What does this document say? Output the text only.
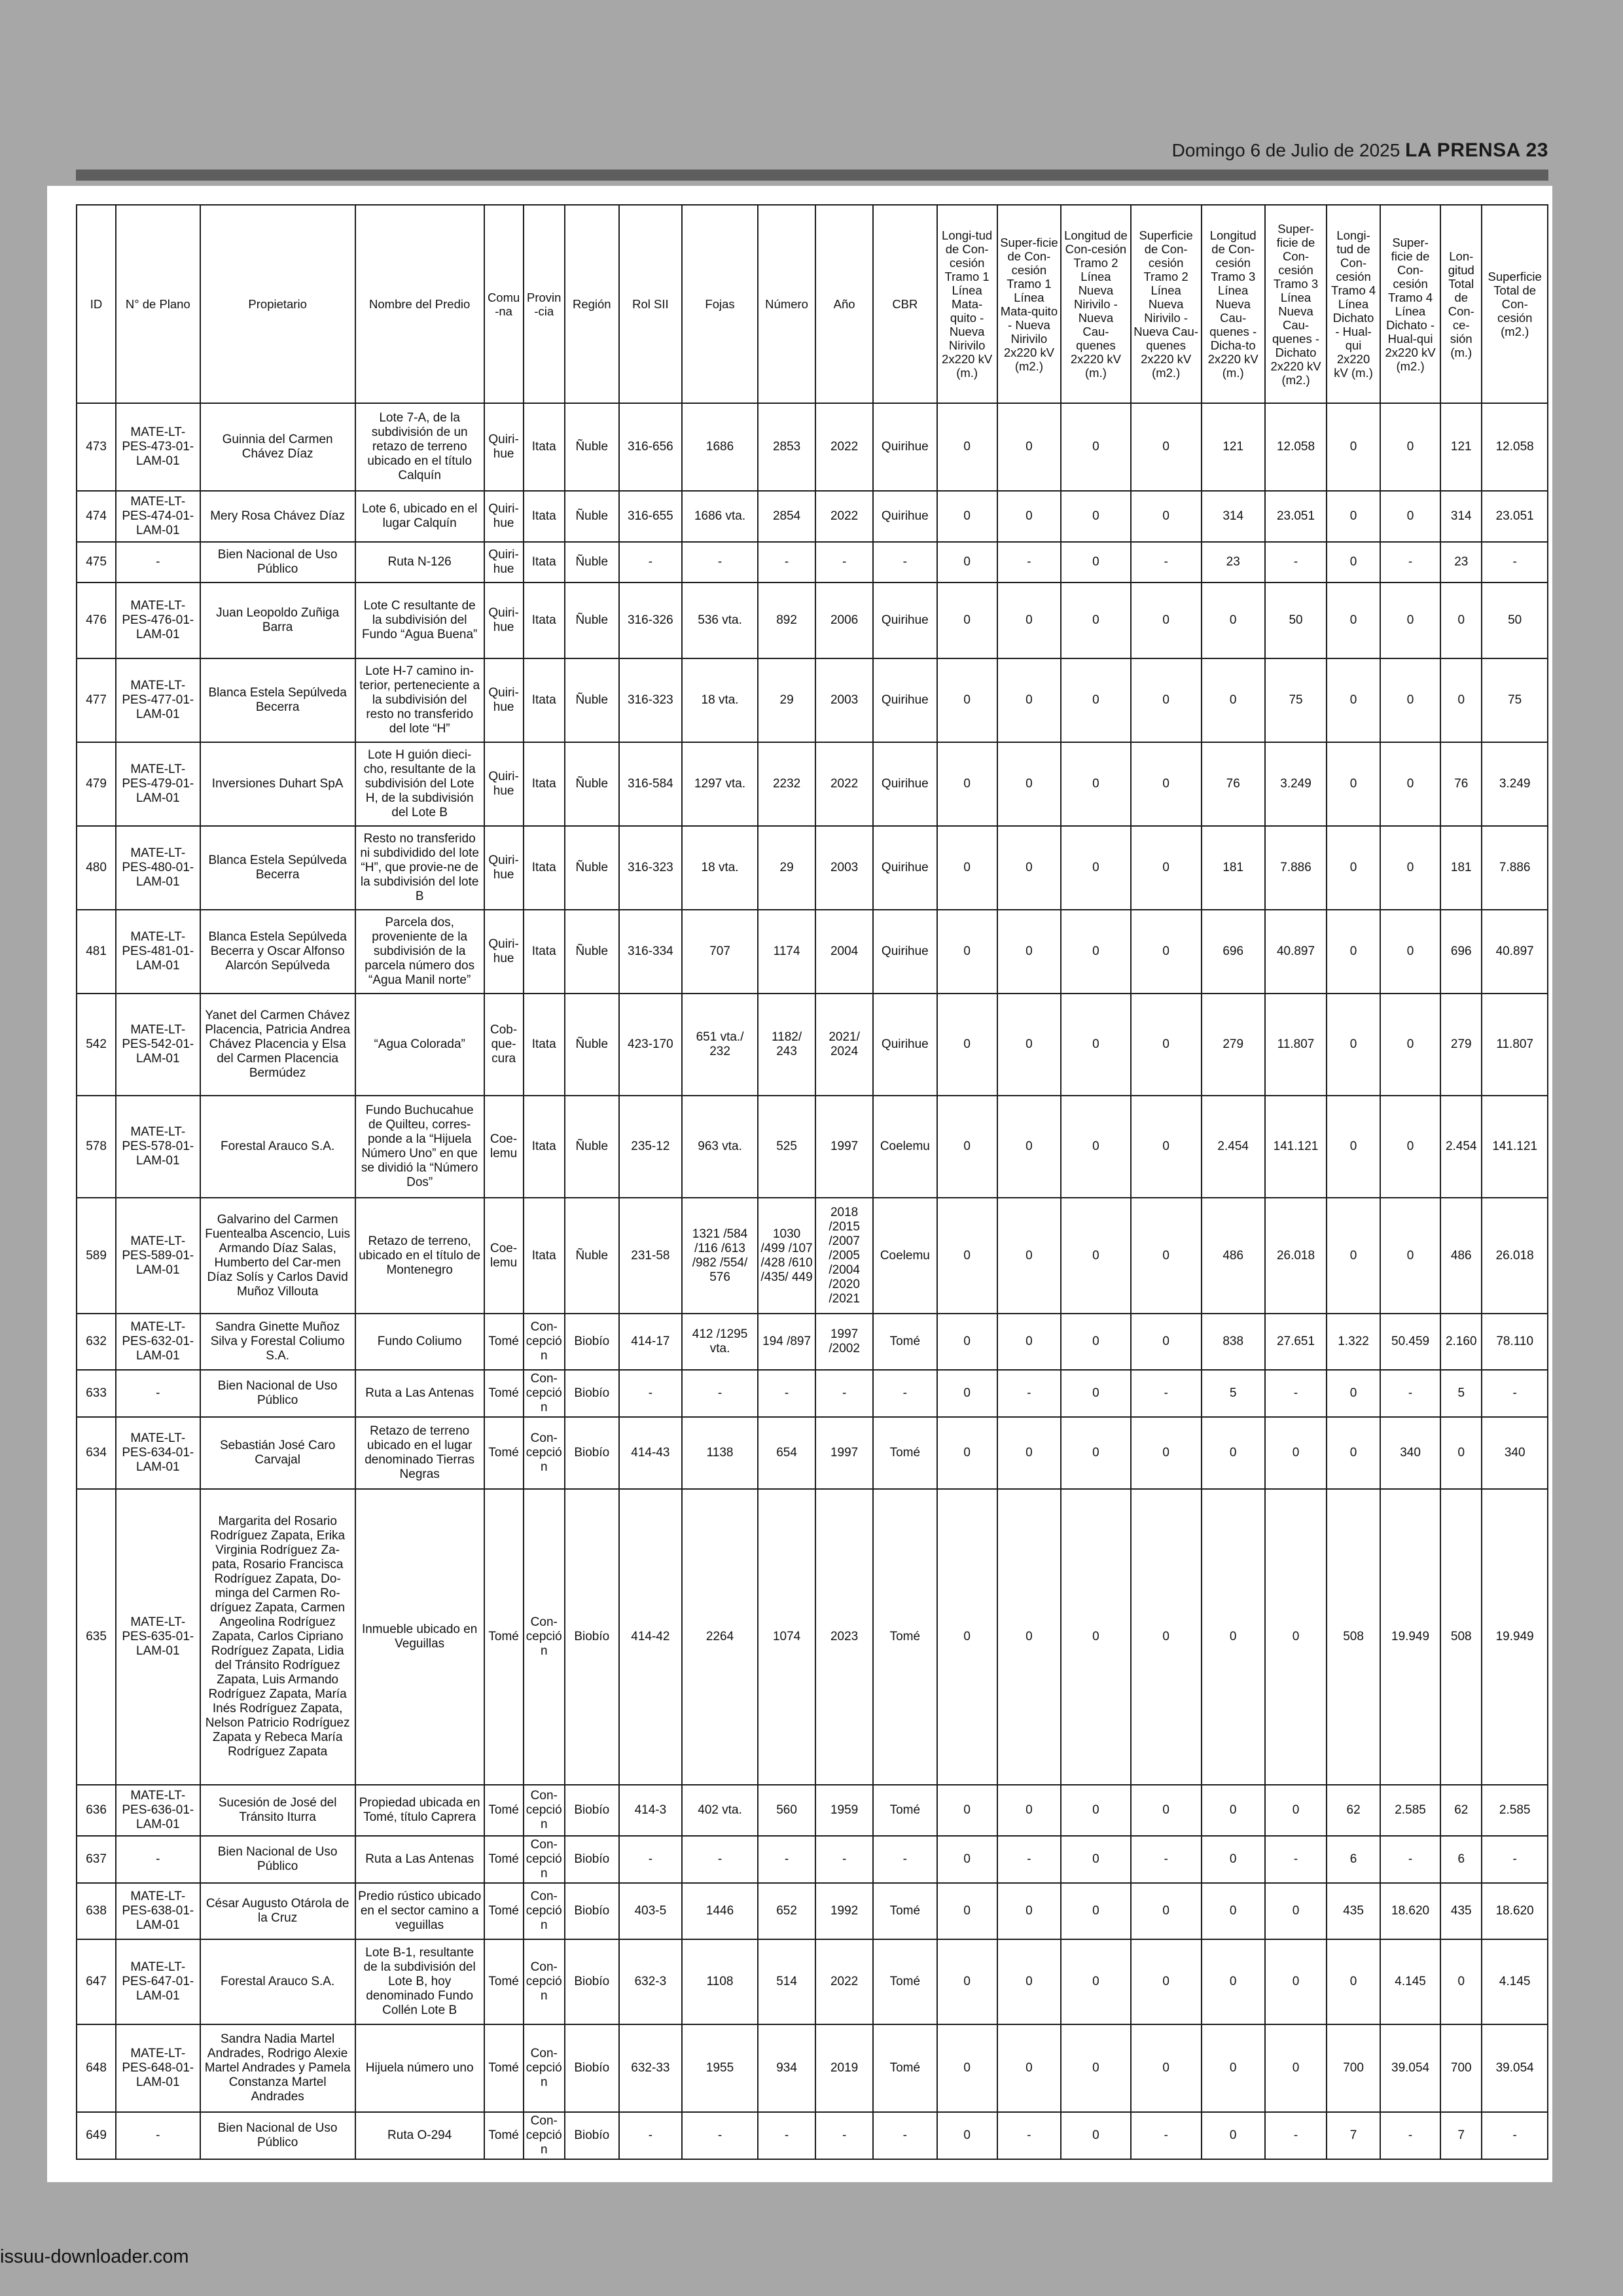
Domingo 6 de Julio de 2025 LA PRENSA 23
ID	N° de Plano	Propietario	Nombre del Predio	Comu-na	Provin-cia	Región	Rol SII	Fojas	Número	Año	CBR	Longi-tud de Con-cesión Tramo 1 Línea Mata-quito - Nueva Nirivilo 2x220 kV (m.)	Super-ficie de Con-cesión Tramo 1 Línea Mata-quito - Nueva Nirivilo 2x220 kV (m2.)	Longitud de Con-cesión Tramo 2 Línea Nueva Nirivilo - Nueva Cau-quenes 2x220 kV (m.)	Superficie de Con-cesión Tramo 2 Línea Nueva Nirivilo - Nueva Cau-quenes 2x220 kV (m2.)	Longitud de Con-cesión Tramo 3 Línea Nueva Cau-quenes - Dicha-to 2x220 kV (m.)	Super-ficie de Con-cesión Tramo 3 Línea Nueva Cau-quenes - Dichato 2x220 kV (m2.)	Longi-tud de Con-cesión Tramo 4 Línea Dichato - Hual-qui 2x220 kV (m.)	Super-ficie de Con-cesión Tramo 4 Línea Dichato - Hual-qui 2x220 kV (m2.)	Lon-gitud Total de Con-ce-sión (m.)	Superficie Total de Con-cesión (m2.)
473	MATE-LT-PES-473-01-LAM-01	Guinnia del Carmen Chávez Díaz	Lote 7-A, de la subdivisión de un retazo de terreno ubicado en el título Calquín	Quiri-hue	Itata	Ñuble	316-656	1686	2853	2022	Quirihue	0	0	0	0	121	12.058	0	0	121	12.058
474	MATE-LT-PES-474-01-LAM-01	Mery Rosa Chávez Díaz	Lote 6, ubicado en el lugar Calquín	Quiri-hue	Itata	Ñuble	316-655	1686 vta.	2854	2022	Quirihue	0	0	0	0	314	23.051	0	0	314	23.051
475	-	Bien Nacional de Uso Público	Ruta N-126	Quiri-hue	Itata	Ñuble	-	-	-	-	-	0	-	0	-	23	-	0	-	23	-
476	MATE-LT-PES-476-01-LAM-01	Juan Leopoldo Zuñiga Barra	Lote C resultante de la subdivisión del Fundo “Agua Buena”	Quiri-hue	Itata	Ñuble	316-326	536 vta.	892	2006	Quirihue	0	0	0	0	0	50	0	0	0	50
477	MATE-LT-PES-477-01-LAM-01	Blanca Estela Sepúlveda Becerra	Lote H-7 camino in-terior, perteneciente a la subdivisión del resto no transferido del lote “H”	Quiri-hue	Itata	Ñuble	316-323	18 vta.	29	2003	Quirihue	0	0	0	0	0	75	0	0	0	75
479	MATE-LT-PES-479-01-LAM-01	Inversiones Duhart SpA	Lote H guión dieci-cho, resultante de la subdivisión del Lote H, de la subdivisión del Lote B	Quiri-hue	Itata	Ñuble	316-584	1297 vta.	2232	2022	Quirihue	0	0	0	0	76	3.249	0	0	76	3.249
480	MATE-LT-PES-480-01-LAM-01	Blanca Estela Sepúlveda Becerra	Resto no transferido ni subdividido del lote “H”, que provie-ne de la subdivisión del lote B	Quiri-hue	Itata	Ñuble	316-323	18 vta.	29	2003	Quirihue	0	0	0	0	181	7.886	0	0	181	7.886
481	MATE-LT-PES-481-01-LAM-01	Blanca Estela Sepúlveda Becerra y Oscar Alfonso Alarcón Sepúlveda	Parcela dos, proveniente de la subdivisión de la parcela número dos “Agua Manil norte”	Quiri-hue	Itata	Ñuble	316-334	707	1174	2004	Quirihue	0	0	0	0	696	40.897	0	0	696	40.897
542	MATE-LT-PES-542-01-LAM-01	Yanet del Carmen Chávez Placencia, Patricia Andrea Chávez Placencia y Elsa del Carmen Placencia Bermúdez	“Agua Colorada”	Cob-que-cura	Itata	Ñuble	423-170	651 vta./ 232	1182/ 243	2021/ 2024	Quirihue	0	0	0	0	279	11.807	0	0	279	11.807
578	MATE-LT-PES-578-01-LAM-01	Forestal Arauco S.A.	Fundo Buchucahue de Quilteu, corres-ponde a la “Hijuela Número Uno” en que se dividió la “Número Dos”	Coe-lemu	Itata	Ñuble	235-12	963 vta.	525	1997	Coelemu	0	0	0	0	2.454	141.121	0	0	2.454	141.121
589	MATE-LT-PES-589-01-LAM-01	Galvarino del Carmen Fuentealba Ascencio, Luis Armando Díaz Salas, Humberto del Car-men Díaz Solís y Carlos David Muñoz Villouta	Retazo de terreno, ubicado en el título de Montenegro	Coe-lemu	Itata	Ñuble	231-58	1321 /584 /116 /613 /982 /554/ 576	1030 /499 /107 /428 /610 /435/ 449	2018 /2015 /2007 /2005 /2004 /2020 /2021	Coelemu	0	0	0	0	486	26.018	0	0	486	26.018
632	MATE-LT-PES-632-01-LAM-01	Sandra Ginette Muñoz Silva y Forestal Coliumo S.A.	Fundo Coliumo	Tomé	Con-cepción	Biobío	414-17	412 /1295 vta.	194 /897	1997 /2002	Tomé	0	0	0	0	838	27.651	1.322	50.459	2.160	78.110
633	-	Bien Nacional de Uso Público	Ruta a Las Antenas	Tomé	Con-cepción	Biobío	-	-	-	-	-	0	-	0	-	5	-	0	-	5	-
634	MATE-LT-PES-634-01-LAM-01	Sebastián José Caro Carvajal	Retazo de terreno ubicado en el lugar denominado Tierras Negras	Tomé	Con-cepción	Biobío	414-43	1138	654	1997	Tomé	0	0	0	0	0	0	0	340	0	340
635	MATE-LT-PES-635-01-LAM-01	Margarita del Rosario Rodríguez Zapata, Erika Virginia Rodríguez Za-pata, Rosario Francisca Rodríguez Zapata, Do-minga del Carmen Ro-dríguez Zapata, Carmen Angeolina Rodríguez Zapata, Carlos Cipriano Rodríguez Zapata, Lidia del Tránsito Rodríguez Zapata, Luis Armando Rodríguez Zapata, María Inés Rodríguez Zapata, Nelson Patricio Rodríguez Zapata y Rebeca María Rodríguez Zapata	Inmueble ubicado en Veguillas	Tomé	Con-cepción	Biobío	414-42	2264	1074	2023	Tomé	0	0	0	0	0	0	508	19.949	508	19.949
636	MATE-LT-PES-636-01-LAM-01	Sucesión de José del Tránsito Iturra	Propiedad ubicada en Tomé, título Caprera	Tomé	Con-cepción	Biobío	414-3	402 vta.	560	1959	Tomé	0	0	0	0	0	0	62	2.585	62	2.585
637	-	Bien Nacional de Uso Público	Ruta a Las Antenas	Tomé	Con-cepción	Biobío	-	-	-	-	-	0	-	0	-	0	-	6	-	6	-
638	MATE-LT-PES-638-01-LAM-01	César Augusto Otárola de la Cruz	Predio rústico ubicado en el sector camino a veguillas	Tomé	Con-cepción	Biobío	403-5	1446	652	1992	Tomé	0	0	0	0	0	0	435	18.620	435	18.620
647	MATE-LT-PES-647-01-LAM-01	Forestal Arauco S.A.	Lote B-1, resultante de la subdivisión del Lote B, hoy denominado Fundo Collén Lote B	Tomé	Con-cepción	Biobío	632-3	1108	514	2022	Tomé	0	0	0	0	0	0	0	4.145	0	4.145
648	MATE-LT-PES-648-01-LAM-01	Sandra Nadia Martel Andrades, Rodrigo Alexie Martel Andrades y Pamela Constanza Martel Andrades	Hijuela número uno	Tomé	Con-cepción	Biobío	632-33	1955	934	2019	Tomé	0	0	0	0	0	0	700	39.054	700	39.054
649	-	Bien Nacional de Uso Público	Ruta O-294	Tomé	Con-cepción	Biobío	-	-	-	-	-	0	-	0	-	0	-	7	-	7	-
issuu-downloader.com
